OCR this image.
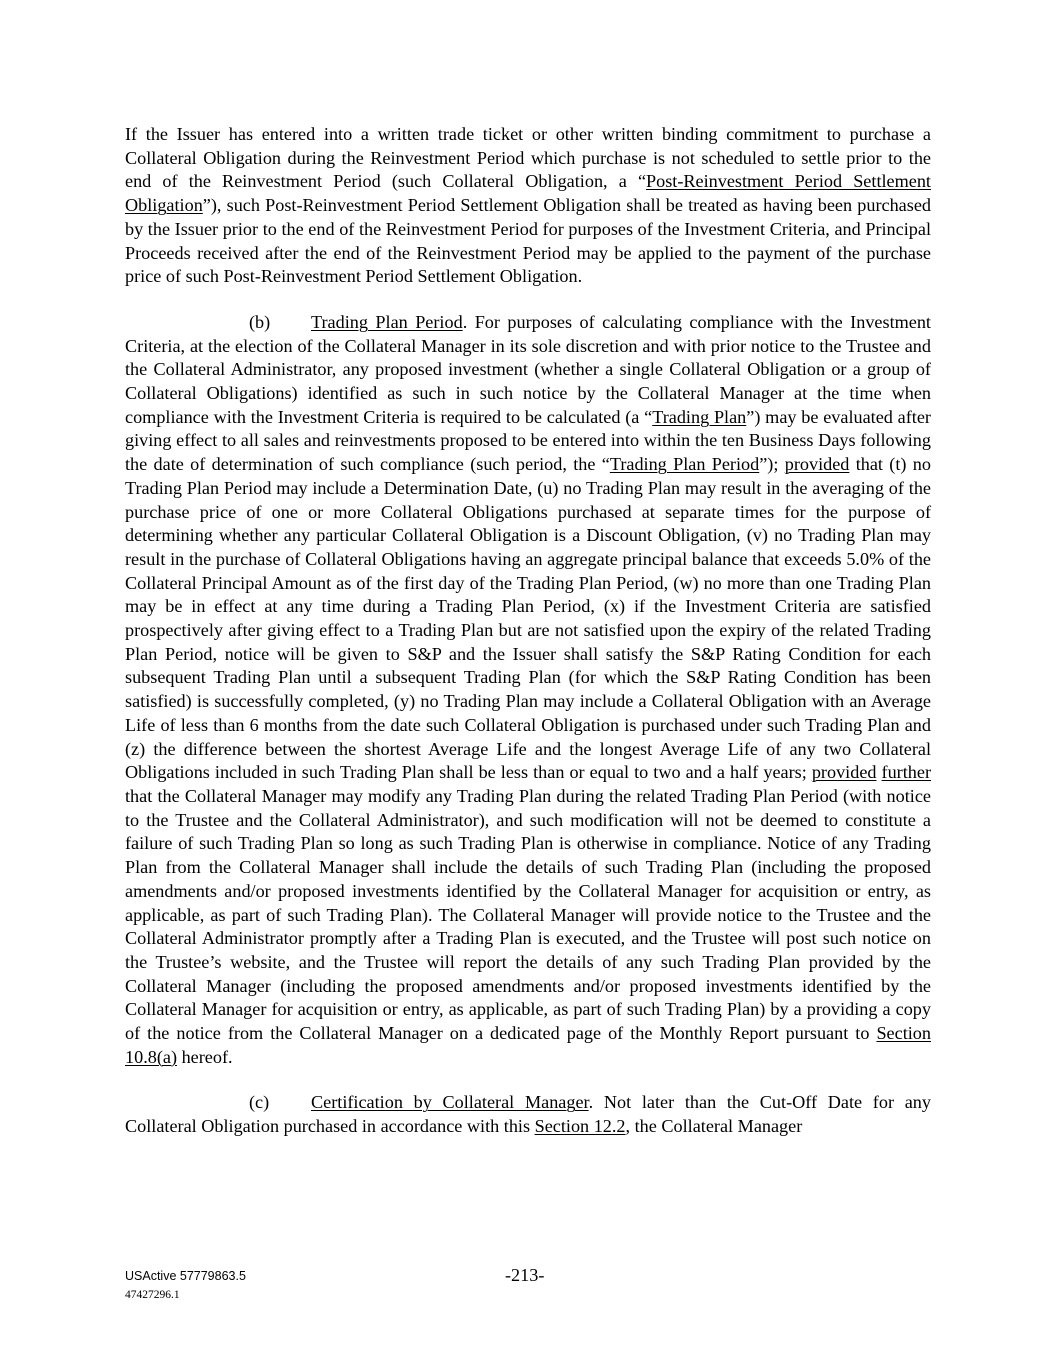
If the Issuer has entered into a written trade ticket or other written binding commitment to purchase a Collateral Obligation during the Reinvestment Period which purchase is not scheduled to settle prior to the end of the Reinvestment Period (such Collateral Obligation, a “Post-Reinvestment Period Settlement Obligation”), such Post-Reinvestment Period Settlement Obligation shall be treated as having been purchased by the Issuer prior to the end of the Reinvestment Period for purposes of the Investment Criteria, and Principal Proceeds received after the end of the Reinvestment Period may be applied to the payment of the purchase price of such Post-Reinvestment Period Settlement Obligation.

(b) Trading Plan Period. For purposes of calculating compliance with the Investment Criteria, at the election of the Collateral Manager in its sole discretion and with prior notice to the Trustee and the Collateral Administrator, any proposed investment (whether a single Collateral Obligation or a group of Collateral Obligations) identified as such in such notice by the Collateral Manager at the time when compliance with the Investment Criteria is required to be calculated (a “Trading Plan”) may be evaluated after giving effect to all sales and reinvestments proposed to be entered into within the ten Business Days following the date of determination of such compliance (such period, the “Trading Plan Period”); provided that (t) no Trading Plan Period may include a Determination Date, (u) no Trading Plan may result in the averaging of the purchase price of one or more Collateral Obligations purchased at separate times for the purpose of determining whether any particular Collateral Obligation is a Discount Obligation, (v) no Trading Plan may result in the purchase of Collateral Obligations having an aggregate principal balance that exceeds 5.0% of the Collateral Principal Amount as of the first day of the Trading Plan Period, (w) no more than one Trading Plan may be in effect at any time during a Trading Plan Period, (x) if the Investment Criteria are satisfied prospectively after giving effect to a Trading Plan but are not satisfied upon the expiry of the related Trading Plan Period, notice will be given to S&P and the Issuer shall satisfy the S&P Rating Condition for each subsequent Trading Plan until a subsequent Trading Plan (for which the S&P Rating Condition has been satisfied) is successfully completed, (y) no Trading Plan may include a Collateral Obligation with an Average Life of less than 6 months from the date such Collateral Obligation is purchased under such Trading Plan and (z) the difference between the shortest Average Life and the longest Average Life of any two Collateral Obligations included in such Trading Plan shall be less than or equal to two and a half years; provided further that the Collateral Manager may modify any Trading Plan during the related Trading Plan Period (with notice to the Trustee and the Collateral Administrator), and such modification will not be deemed to constitute a failure of such Trading Plan so long as such Trading Plan is otherwise in compliance. Notice of any Trading Plan from the Collateral Manager shall include the details of such Trading Plan (including the proposed amendments and/or proposed investments identified by the Collateral Manager for acquisition or entry, as applicable, as part of such Trading Plan). The Collateral Manager will provide notice to the Trustee and the Collateral Administrator promptly after a Trading Plan is executed, and the Trustee will post such notice on the Trustee’s website, and the Trustee will report the details of any such Trading Plan provided by the Collateral Manager (including the proposed amendments and/or proposed investments identified by the Collateral Manager for acquisition or entry, as applicable, as part of such Trading Plan) by a providing a copy of the notice from the Collateral Manager on a dedicated page of the Monthly Report pursuant to Section 10.8(a) hereof.

(c) Certification by Collateral Manager. Not later than the Cut-Off Date for any Collateral Obligation purchased in accordance with this Section 12.2, the Collateral Manager

USActive 57779863.5
47427296.1
-213-
